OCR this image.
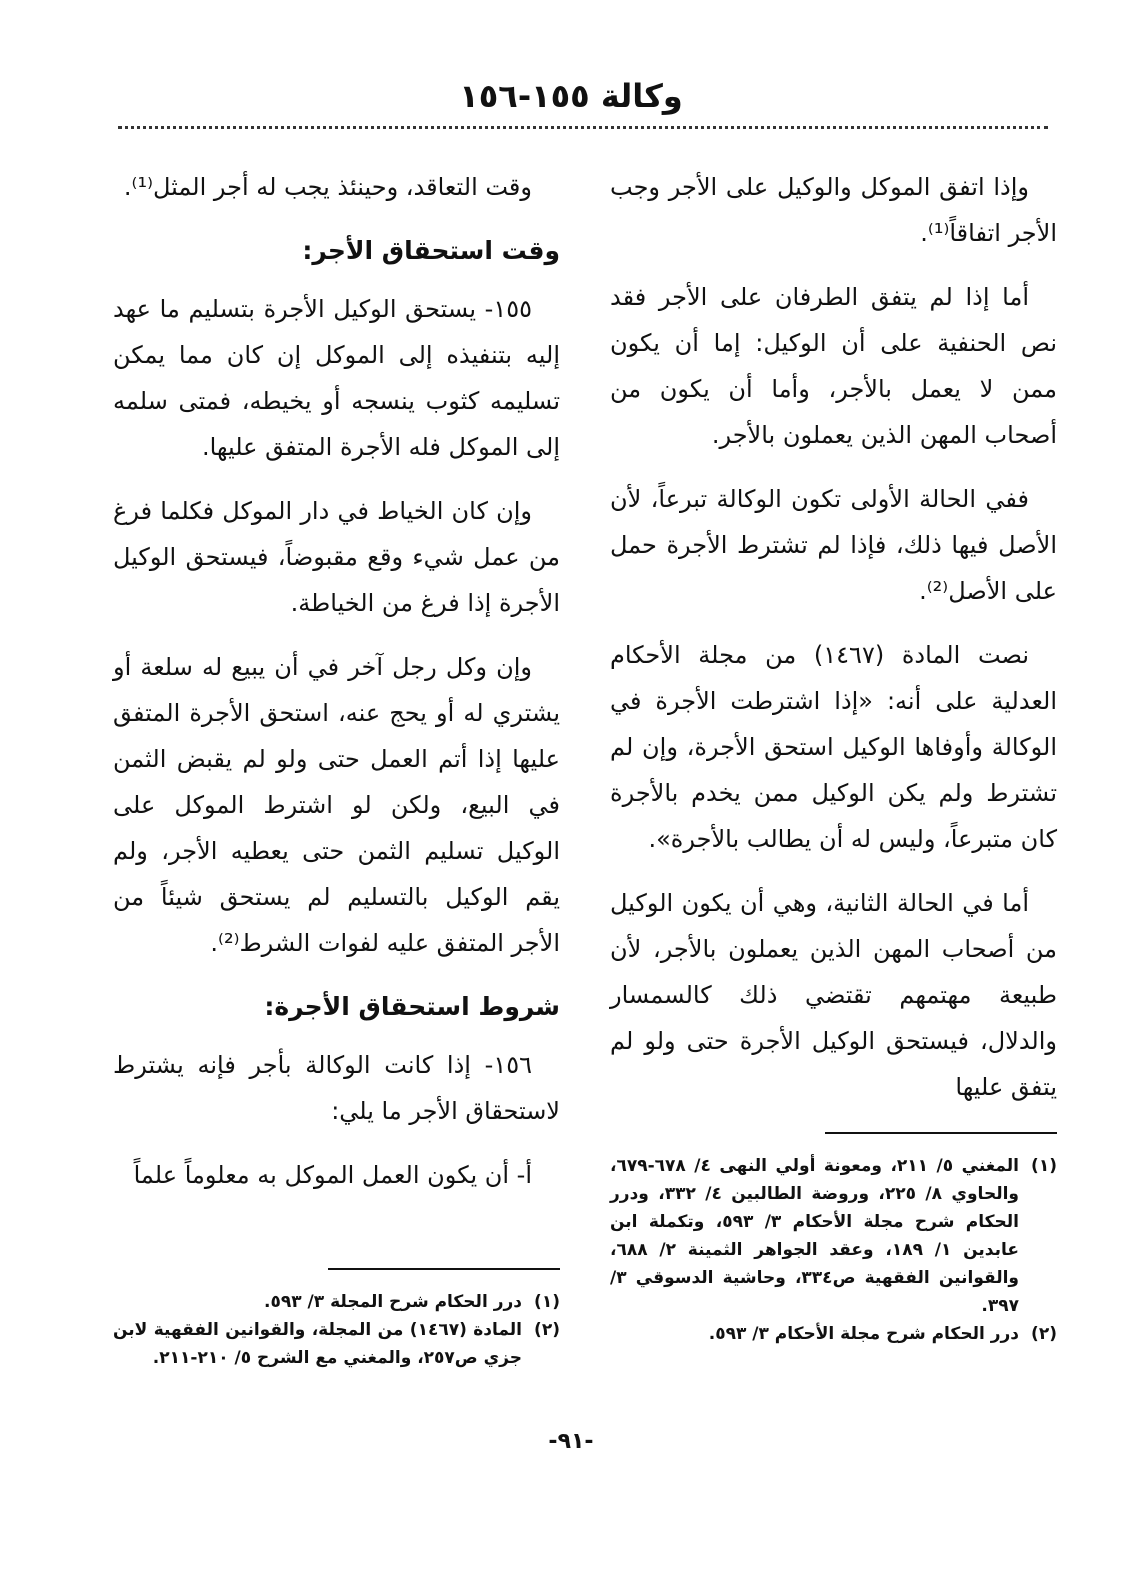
وكالة ١٥٥-١٥٦

وإذا اتفق الموكل والوكيل على الأجر وجب الأجر اتفاقاً⁽¹⁾.

أما إذا لم يتفق الطرفان على الأجر فقد نص الحنفية على أن الوكيل: إما أن يكون ممن لا يعمل بالأجر، وأما أن يكون من أصحاب المهن الذين يعملون بالأجر.

ففي الحالة الأولى تكون الوكالة تبرعاً، لأن الأصل فيها ذلك، فإذا لم تشترط الأجرة حمل على الأصل⁽²⁾.

نصت المادة (١٤٦٧) من مجلة الأحكام العدلية على أنه: «إذا اشترطت الأجرة في الوكالة وأوفاها الوكيل استحق الأجرة، وإن لم تشترط ولم يكن الوكيل ممن يخدم بالأجرة كان متبرعاً، وليس له أن يطالب بالأجرة».

أما في الحالة الثانية، وهي أن يكون الوكيل من أصحاب المهن الذين يعملون بالأجر، لأن طبيعة مهتمهم تقتضي ذلك كالسمسار والدلال، فيستحق الوكيل الأجرة حتى ولو لم يتفق عليها

وقت التعاقد، وحينئذ يجب له أجر المثل⁽¹⁾.

وقت استحقاق الأجر:

١٥٥- يستحق الوكيل الأجرة بتسليم ما عهد إليه بتنفيذه إلى الموكل إن كان مما يمكن تسليمه كثوب ينسجه أو يخيطه، فمتى سلمه إلى الموكل فله الأجرة المتفق عليها.

وإن كان الخياط في دار الموكل فكلما فرغ من عمل شيء وقع مقبوضاً، فيستحق الوكيل الأجرة إذا فرغ من الخياطة.

وإن وكل رجل آخر في أن يبيع له سلعة أو يشتري له أو يحج عنه، استحق الأجرة المتفق عليها إذا أتم العمل حتى ولو لم يقبض الثمن في البيع، ولكن لو اشترط الموكل على الوكيل تسليم الثمن حتى يعطيه الأجر، ولم يقم الوكيل بالتسليم لم يستحق شيئاً من الأجر المتفق عليه لفوات الشرط⁽²⁾.

شروط استحقاق الأجرة:

١٥٦- إذا كانت الوكالة بأجر فإنه يشترط لاستحقاق الأجر ما يلي:

أ- أن يكون العمل الموكل به معلوماً علماً	(١)
المغني ٥/ ٢١١، ومعونة أولي النهى ٤/ ٦٧٨-٦٧٩، والحاوي ٨/ ٢٢٥، وروضة الطالبين ٤/ ٣٣٢، ودرر الحكام شرح مجلة الأحكام ٣/ ٥٩٣، وتكملة ابن عابدين ١/ ١٨٩، وعقد الجواهر الثمينة ٢/ ٦٨٨، والقوانين الفقهية ص٣٣٤، وحاشية الدسوقي ٣/ ٣٩٧.

(٢)
درر الحكام شرح مجلة الأحكام ٣/ ٥٩٣.

(١)
درر الحكام شرح المجلة ٣/ ٥٩٣.

(٢)
المادة (١٤٦٧) من المجلة، والقوانين الفقهية لابن جزي ص٢٥٧، والمغني مع الشرح ٥/ ٢١٠-٢١١.

-٩١-
